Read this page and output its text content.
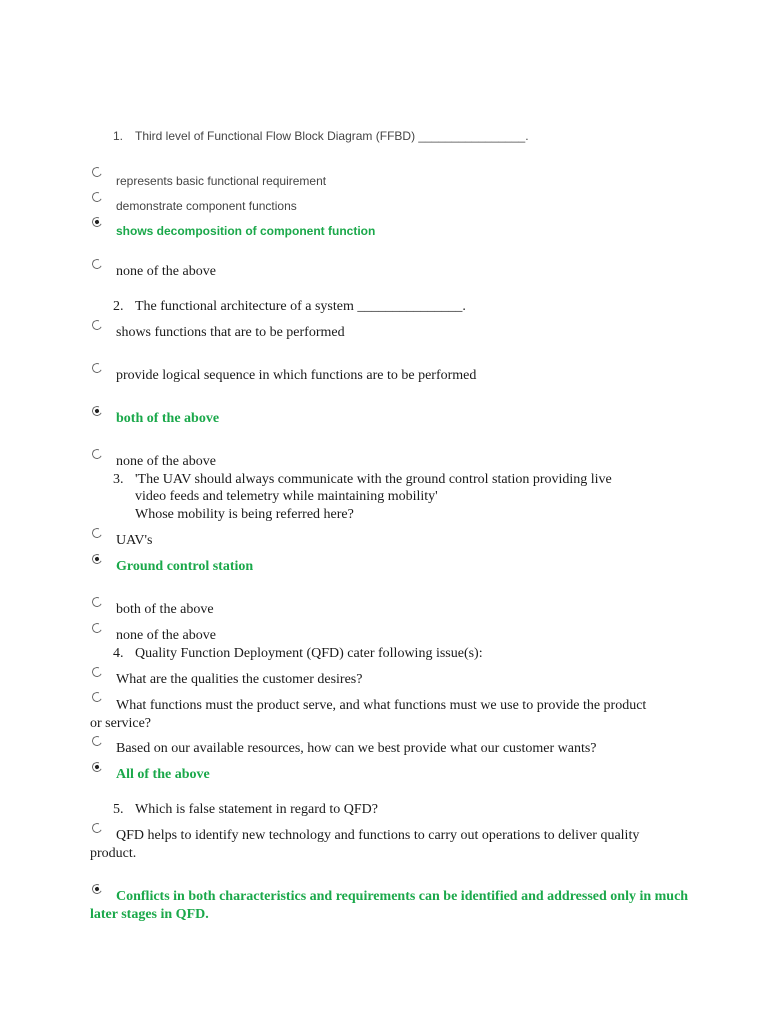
1. Third level of Functional Flow Block Diagram (FFBD) ________________.
represents basic functional requirement
demonstrate component functions
shows decomposition of component function
none of the above
2. The functional architecture of a system _______________.
shows functions that are to be performed
provide logical sequence in which functions are to be performed
both of the above
none of the above
3. 'The UAV should always communicate with the ground control station providing live
video feeds and telemetry while maintaining mobility'
Whose mobility is being referred here?
UAV's
Ground control station
both of the above
none of the above
4. Quality Function Deployment (QFD) cater following issue(s):
What are the qualities the customer desires?
What functions must the product serve, and what functions must we use to provide the product or service?
Based on our available resources, how can we best provide what our customer wants?
All of the above
5. Which is false statement in regard to QFD?
QFD helps to identify new technology and functions to carry out operations to deliver quality product.
Conflicts in both characteristics and requirements can be identified and addressed only in much later stages in QFD.
